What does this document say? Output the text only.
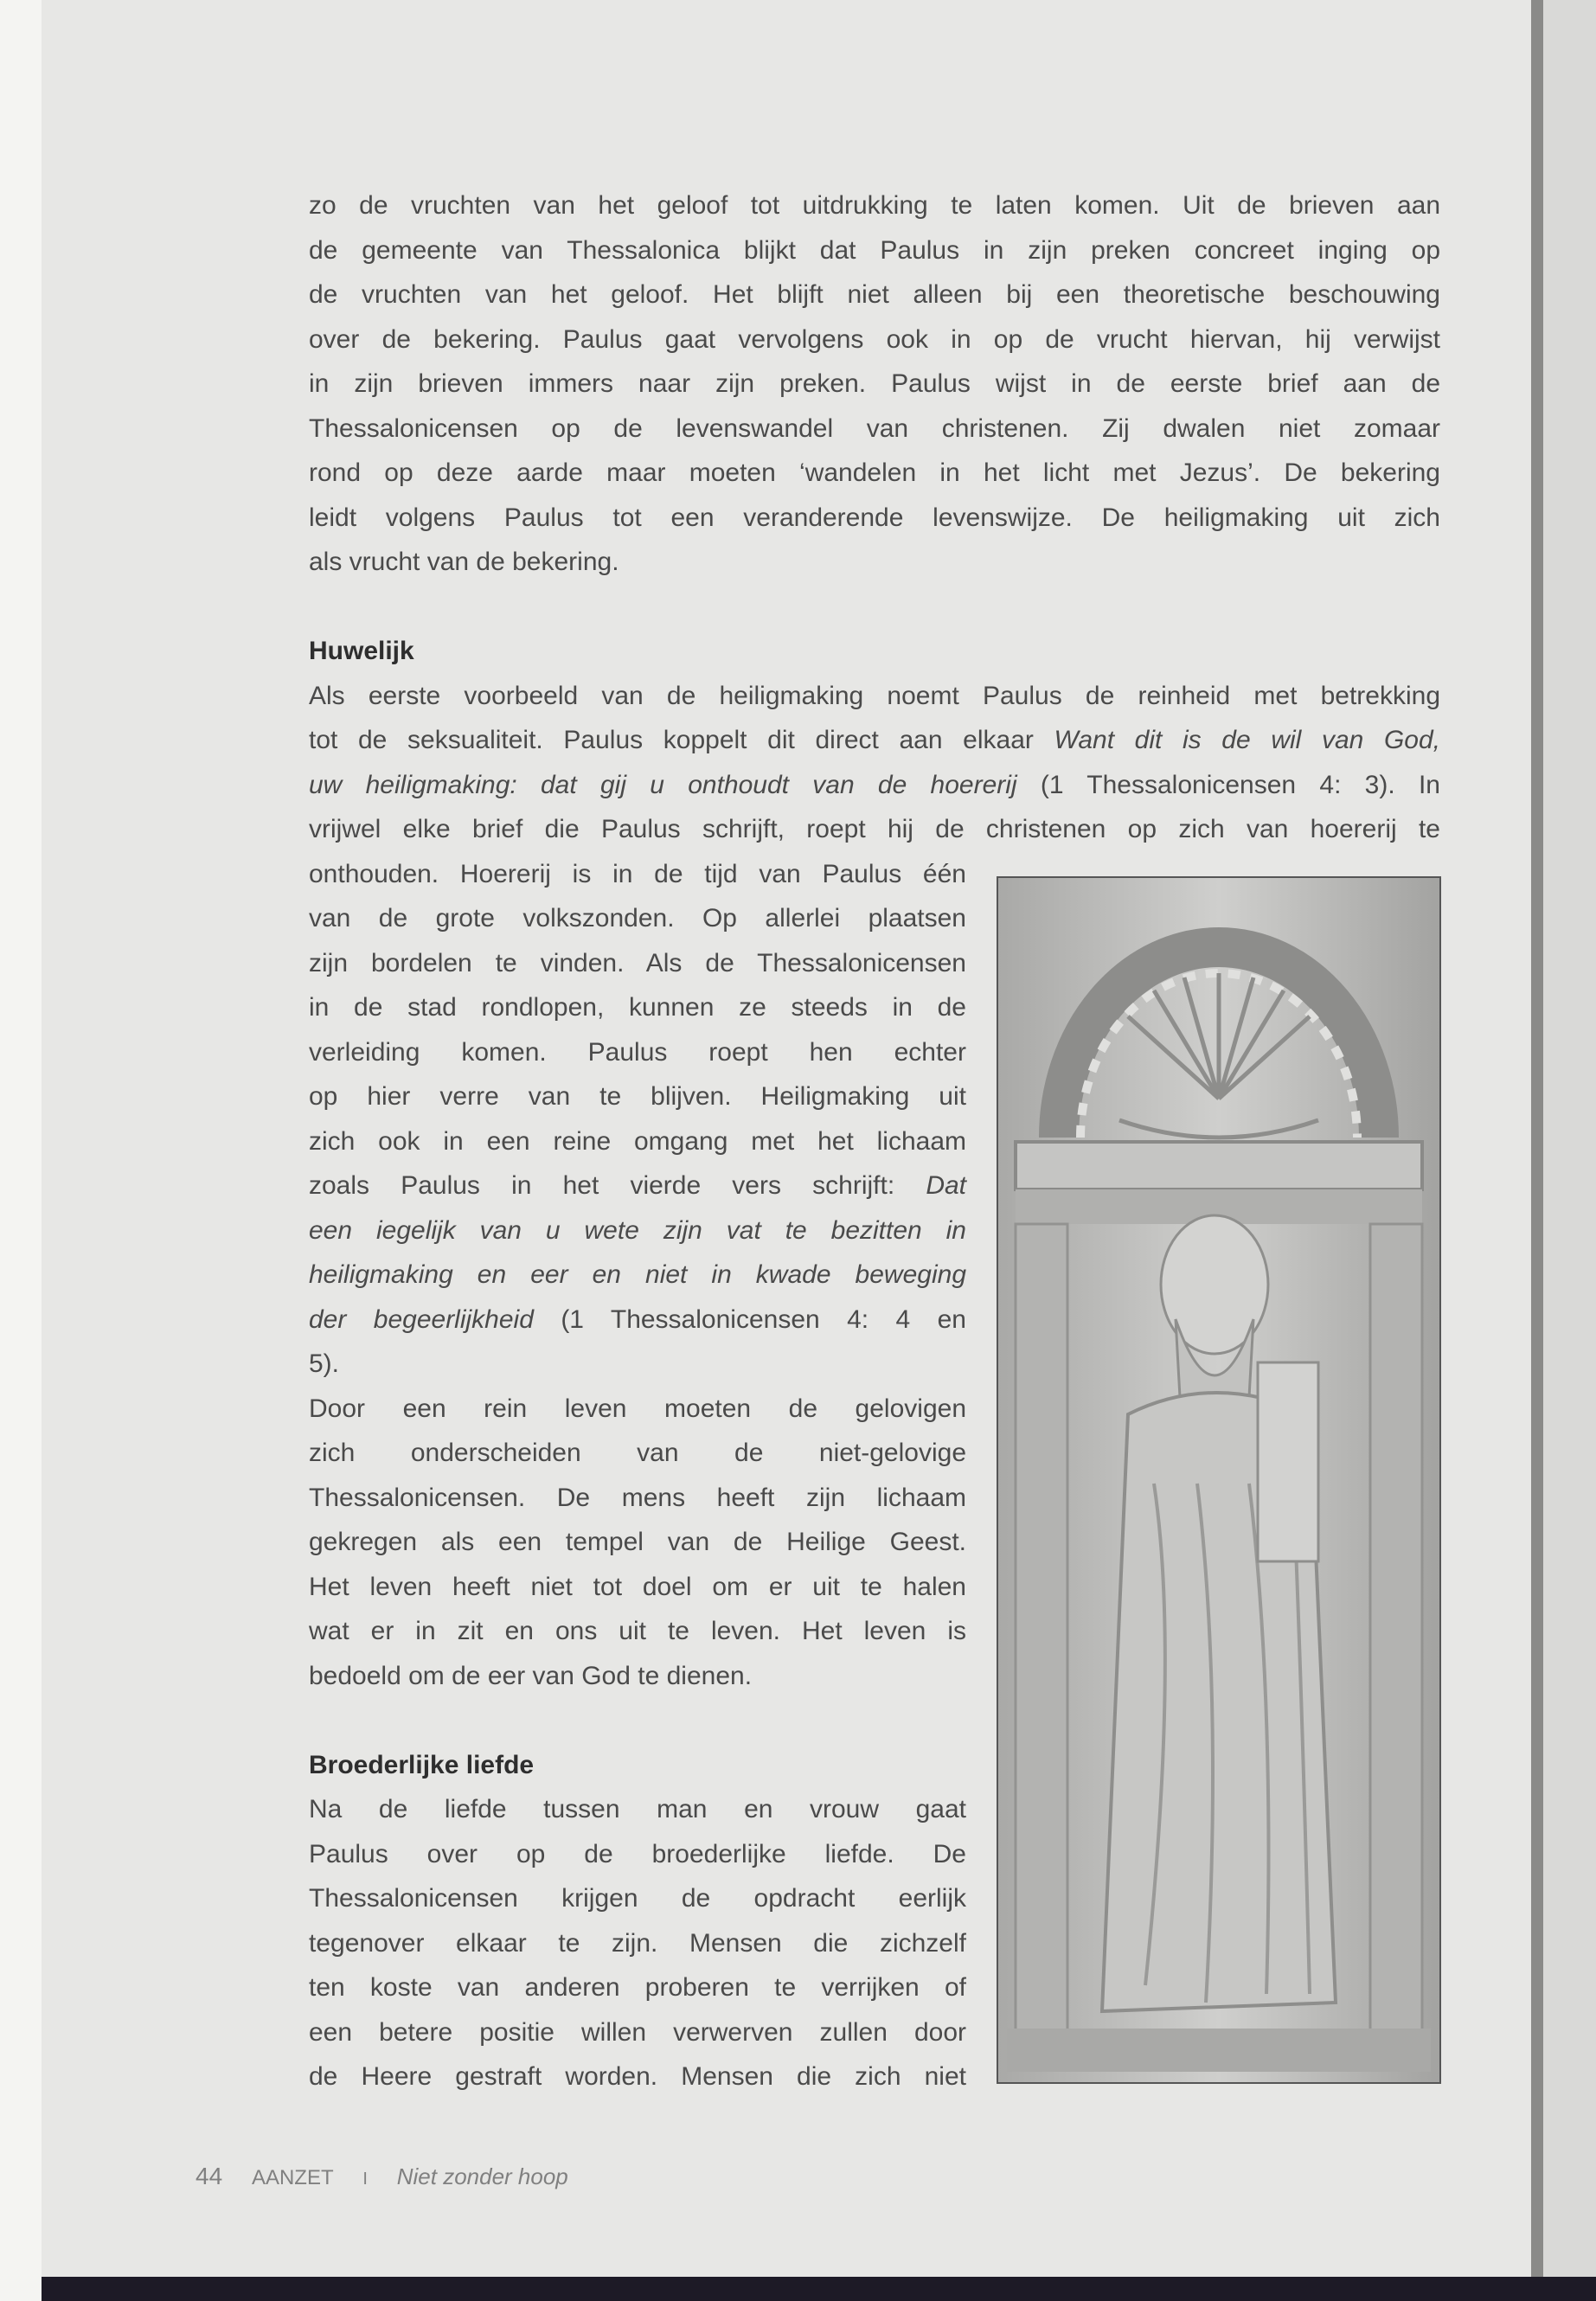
zo de vruchten van het geloof tot uitdrukking te laten komen. Uit de brieven aan
de gemeente van Thessalonica blijkt dat Paulus in zijn preken concreet inging op
de vruchten van het geloof. Het blijft niet alleen bij een theoretische beschouwing
over de bekering. Paulus gaat vervolgens ook in op de vrucht hiervan, hij verwijst
in zijn brieven immers naar zijn preken. Paulus wijst in de eerste brief aan de
Thessalonicensen op de levenswandel van christenen. Zij dwalen niet zomaar
rond op deze aarde maar moeten ‘wandelen in het licht met Jezus’. De bekering
leidt volgens Paulus tot een veranderende levenswijze. De heiligmaking uit zich
als vrucht van de bekering.

Huwelijk
Als eerste voorbeeld van de heiligmaking noemt Paulus de reinheid met betrekking
tot de seksualiteit. Paulus koppelt dit direct aan elkaar Want dit is de wil van God,
uw heiligmaking: dat gij u onthoudt van de hoererij (1 Thessalonicensen 4: 3). In
vrijwel elke brief die Paulus schrijft, roept hij de christenen op zich van hoererij te
onthouden. Hoererij is in de tijd van Paulus één
van de grote volkszonden. Op allerlei plaatsen
zijn bordelen te vinden. Als de Thessalonicensen
in de stad rondlopen, kunnen ze steeds in de
verleiding komen. Paulus roept hen echter
op hier verre van te blijven. Heiligmaking uit
zich ook in een reine omgang met het lichaam
zoals Paulus in het vierde vers schrijft: Dat
een iegelijk van u wete zijn vat te bezitten in
heiligmaking en eer en niet in kwade beweging
der begeerlijkheid (1 Thessalonicensen 4: 4 en
5).
Door een rein leven moeten de gelovigen
zich onderscheiden van de niet-gelovige
Thessalonicensen. De mens heeft zijn lichaam
gekregen als een tempel van de Heilige Geest.
Het leven heeft niet tot doel om er uit te halen
wat er in zit en ons uit te leven. Het leven is
bedoeld om de eer van God te dienen.

Broederlijke liefde
Na de liefde tussen man en vrouw gaat
Paulus over op de broederlijke liefde. De
Thessalonicensen krijgen de opdracht eerlijk
tegenover elkaar te zijn. Mensen die zichzelf
ten koste van anderen proberen te verrijken of
een betere positie willen verwerven zullen door
de Heere gestraft worden. Mensen die zich niet
44 AANZET I Niet zonder hoop
